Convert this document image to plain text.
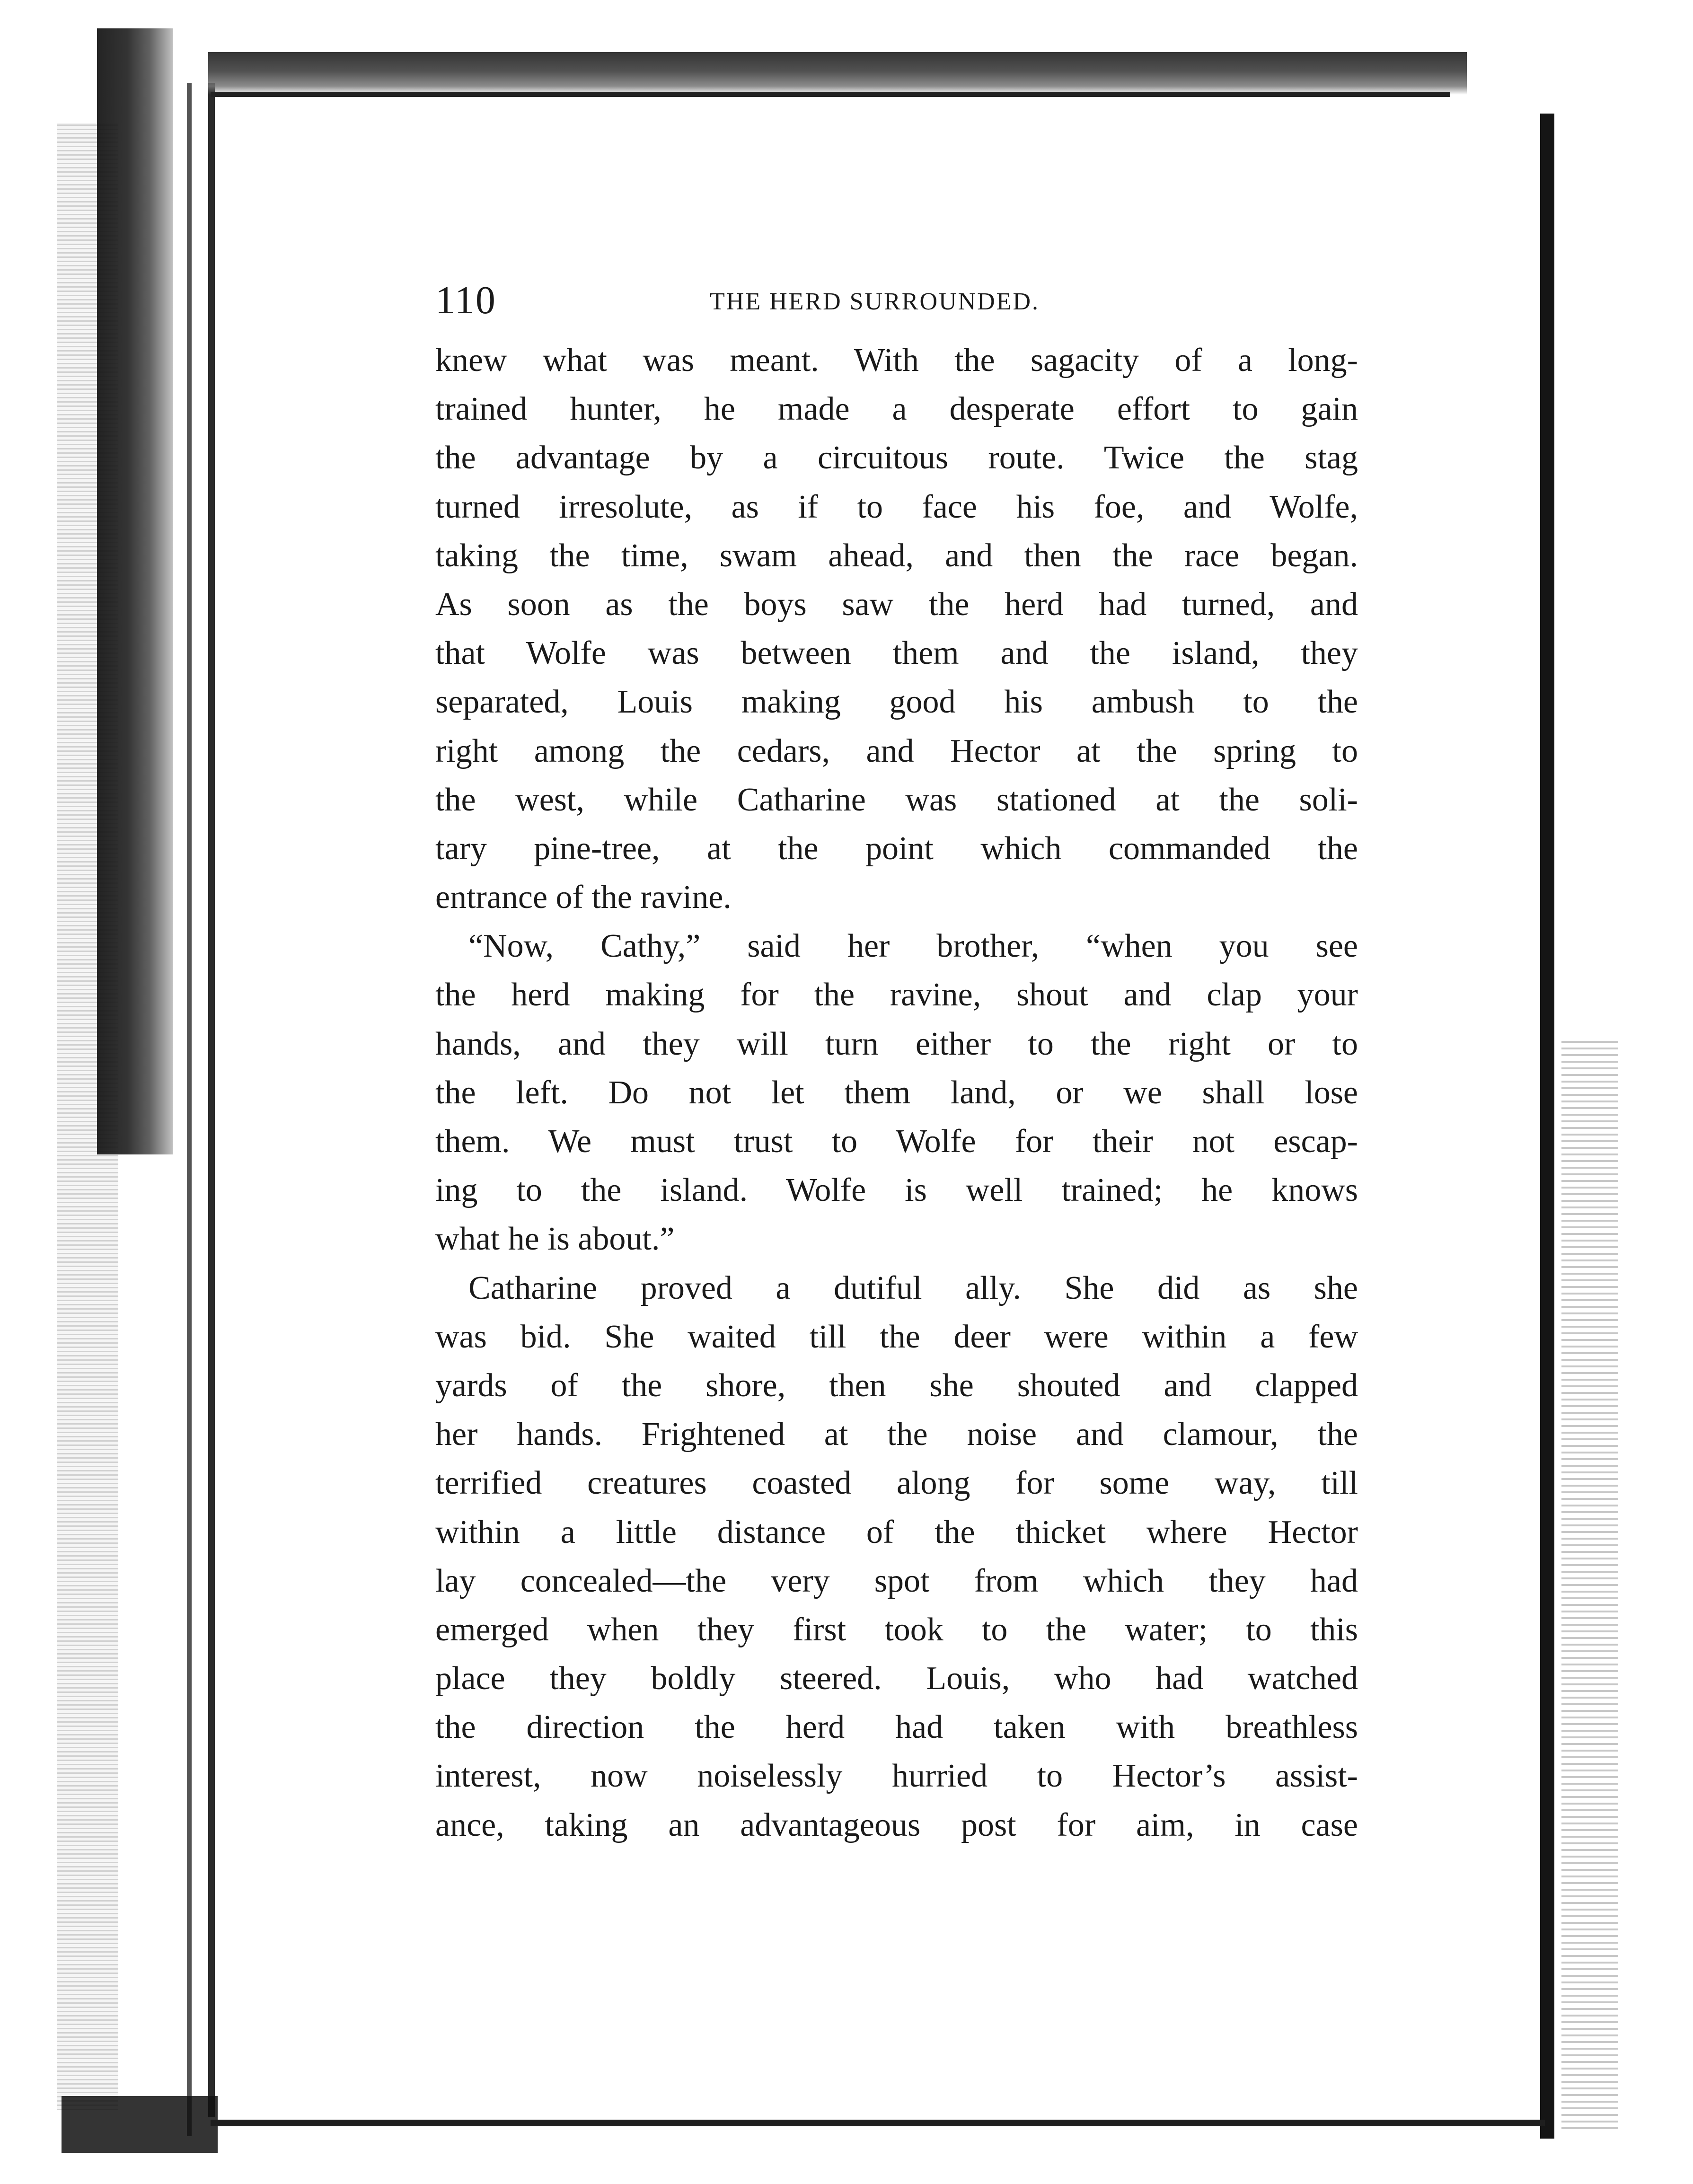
110	THE HERD SURROUNDED.
knew what was meant. With the sagacity of a long-
trained hunter, he made a desperate effort to gain
the advantage by a circuitous route. Twice the stag
turned irresolute, as if to face his foe, and Wolfe,
taking the time, swam ahead, and then the race began.
As soon as the boys saw the herd had turned, and
that Wolfe was between them and the island, they
separated, Louis making good his ambush to the
right among the cedars, and Hector at the spring to
the west, while Catharine was stationed at the soli-
tary pine-tree, at the point which commanded the
entrance of the ravine.
“Now, Cathy,” said her brother, “when you see
the herd making for the ravine, shout and clap your
hands, and they will turn either to the right or to
the left. Do not let them land, or we shall lose
them. We must trust to Wolfe for their not escap-
ing to the island. Wolfe is well trained; he knows
what he is about.”
Catharine proved a dutiful ally. She did as she
was bid. She waited till the deer were within a few
yards of the shore, then she shouted and clapped
her hands. Frightened at the noise and clamour, the
terrified creatures coasted along for some way, till
within a little distance of the thicket where Hector
lay concealed—the very spot from which they had
emerged when they first took to the water; to this
place they boldly steered. Louis, who had watched
the direction the herd had taken with breathless
interest, now noiselessly hurried to Hector’s assist-
ance, taking an advantageous post for aim, in case
